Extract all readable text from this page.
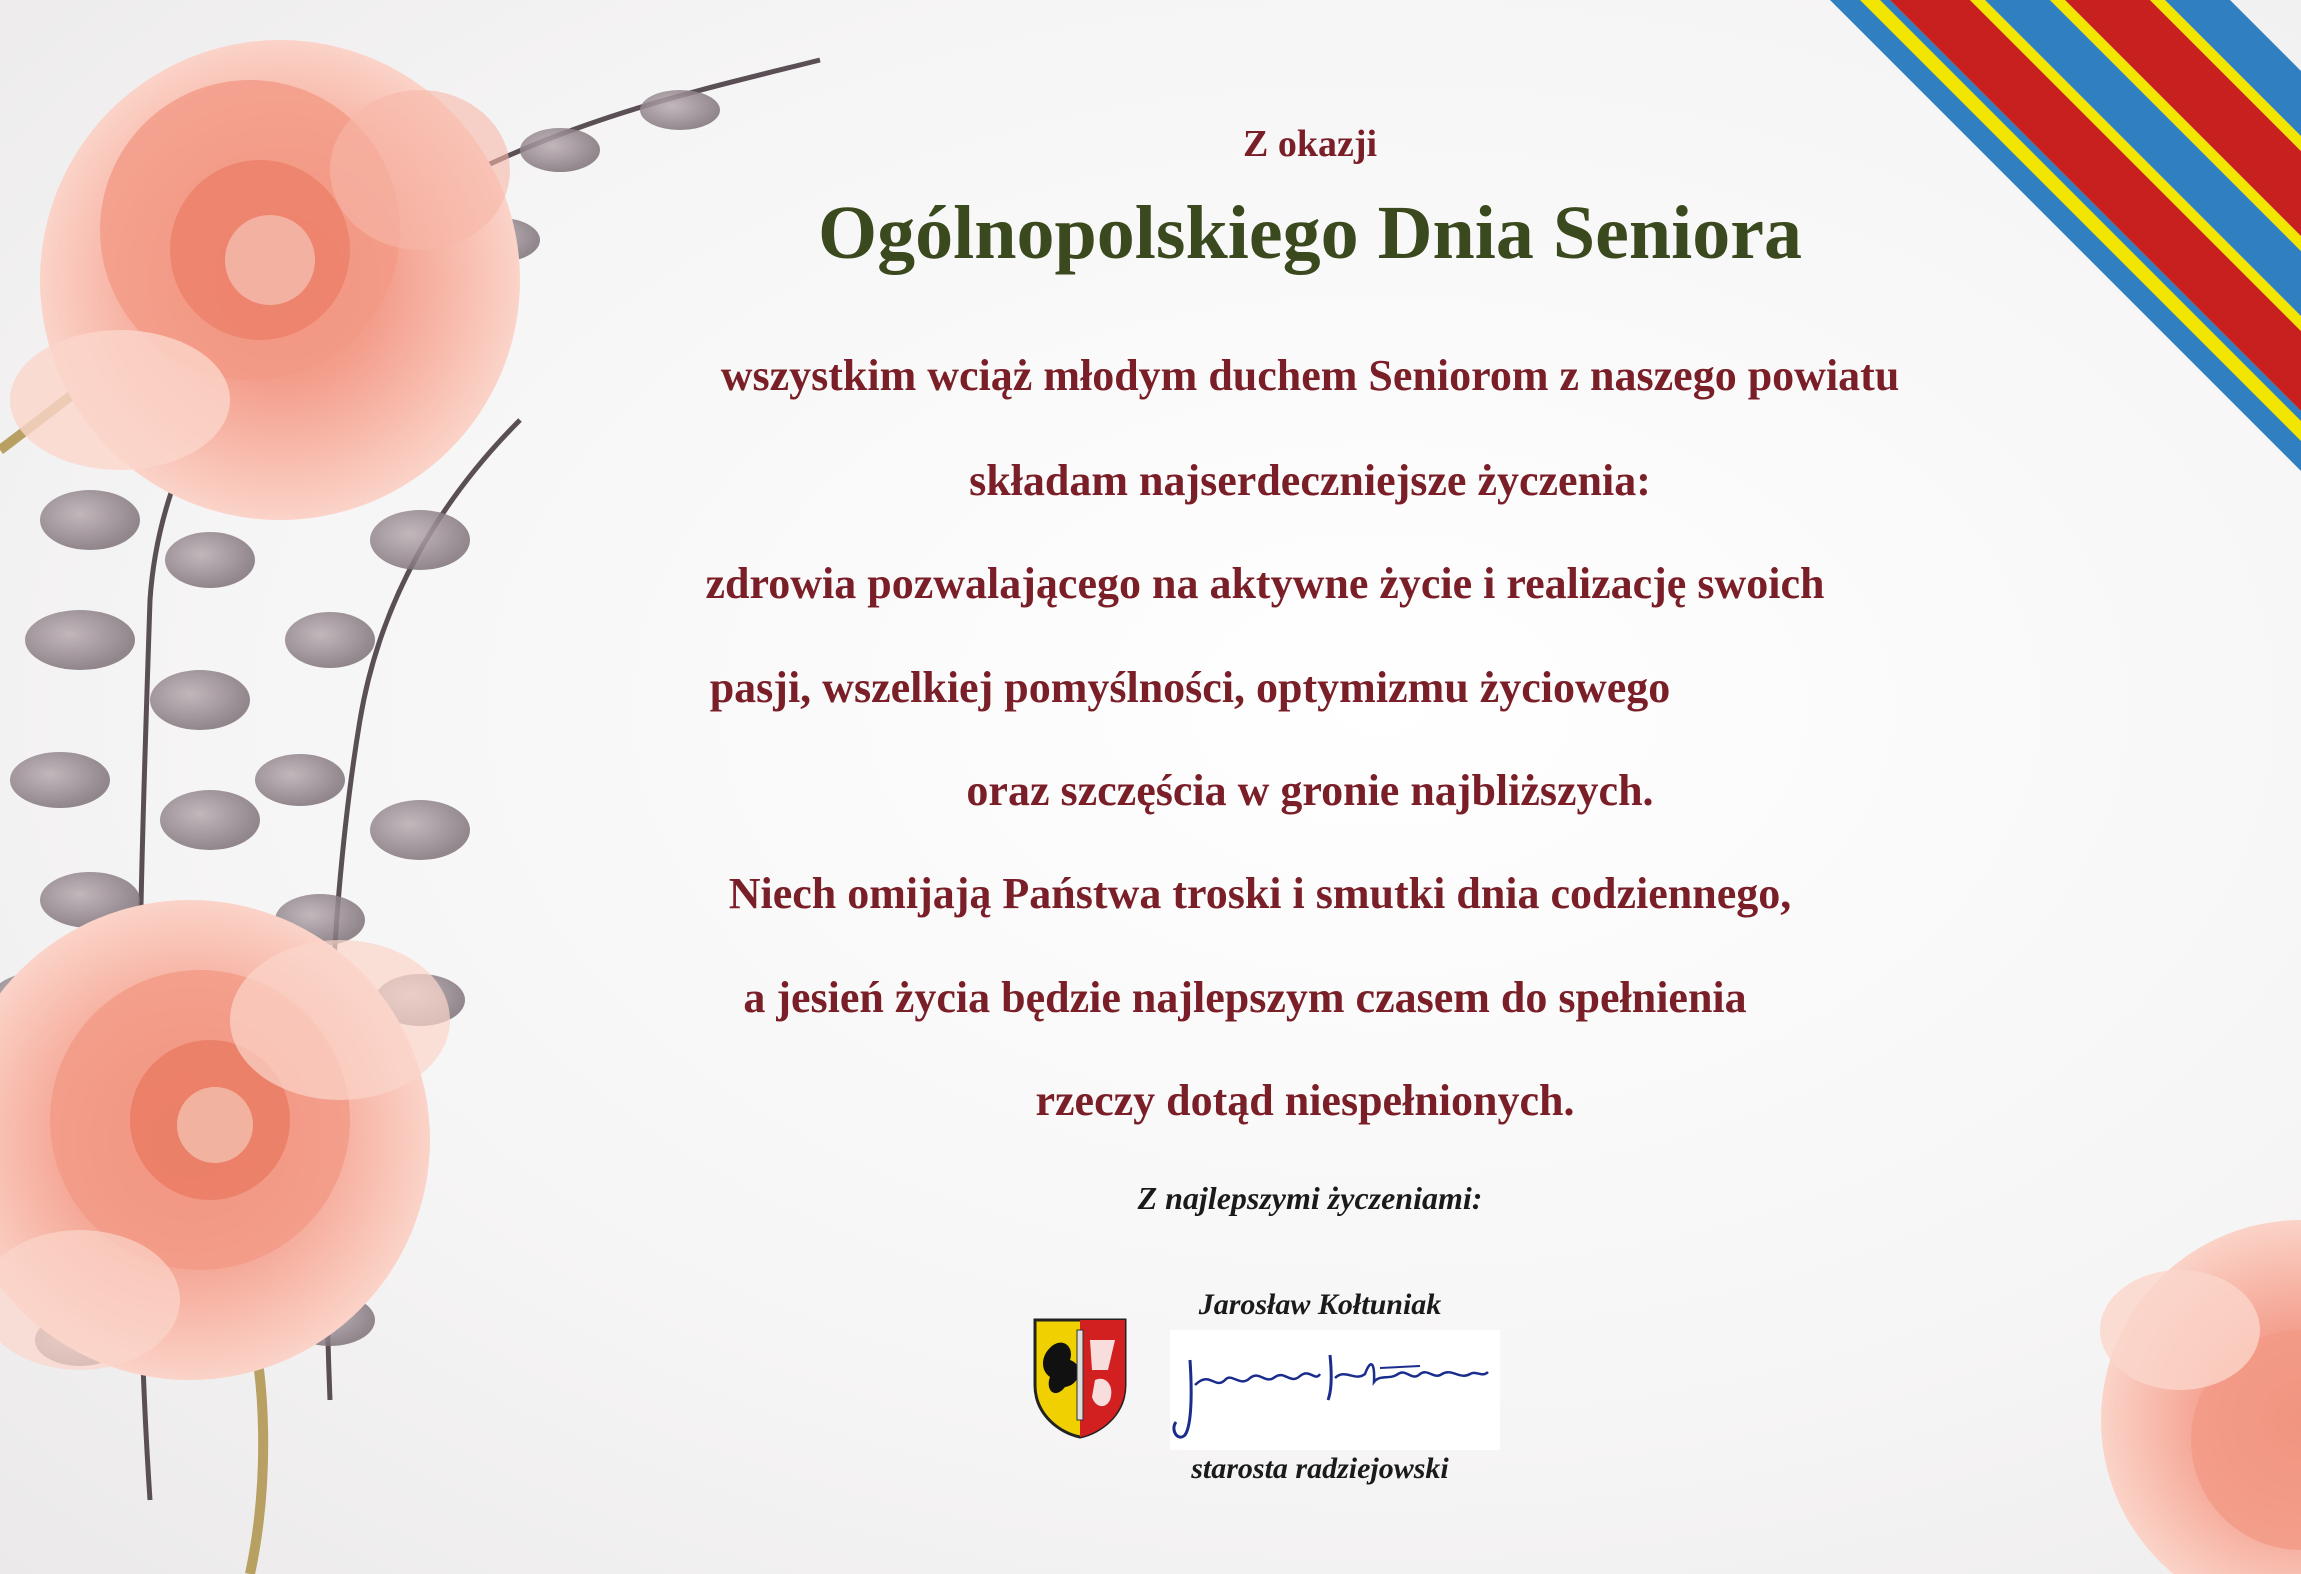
Z okazji

Ogólnopolskiego Dnia Seniora

wszystkim wciąż młodym duchem Seniorom z naszego powiatu

składam najserdeczniejsze życzenia:

zdrowia pozwalającego na aktywne życie i realizację swoich

pasji, wszelkiej pomyślności, optymizmu życiowego

oraz szczęścia w gronie najbliższych.

Niech omijają Państwa troski i smutki dnia codziennego,

a jesień życia będzie najlepszym czasem do spełnienia

rzeczy dotąd niespełnionych.

Z najlepszymi życzeniami:

Jarosław Kołtuniak

starosta radziejowski
